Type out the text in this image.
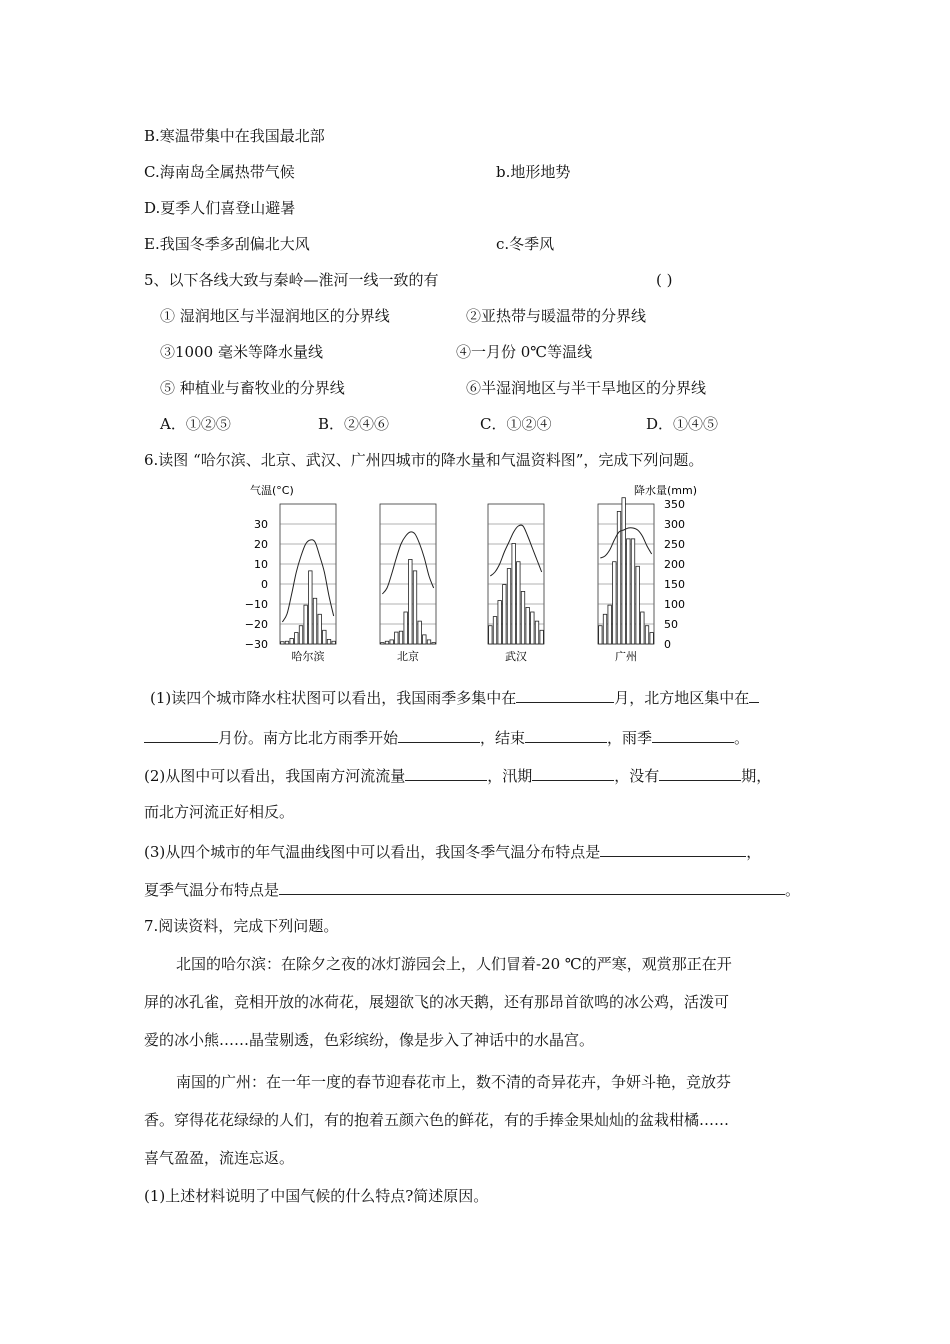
B.寒温带集中在我国最北部
C.海南岛全属热带气候	b.地形地势
D.夏季人们喜登山避暑
E.我国冬季多刮偏北大风	c.冬季风
5、以下各线大致与秦岭—淮河一线一致的有	( )
① 湿润地区与半湿润地区的分界线	②亚热带与暖温带的分界线
③1000 毫米等降水量线	④一月份 0℃等温线
⑤ 种植业与畜牧业的分界线	⑥半湿润地区与半干旱地区的分界线
A．①②⑤	B．②④⑥	C．①②④	D．①④⑤
6.读图 “哈尔滨、北京、武汉、广州四城市的降水量和气温资料图”，完成下列问题。
气温(°C)	降水量(mm)
30
20
10
0
−10
−20
−30
350
300
250
200
150
100
50
0
哈尔滨	北京	武汉	广州
(1)读四个城市降水柱状图可以看出，我国雨季多集中在	月，北方地区集中在
月份。南方比北方雨季开始	，结束	，雨季	。
(2)从图中可以看出，我国南方河流流量	，汛期	，没有	期，
而北方河流正好相反。
(3)从四个城市的年气温曲线图中可以看出，我国冬季气温分布特点是	，
夏季气温分布特点是	。
7.阅读资料，完成下列问题。
北国的哈尔滨：在除夕之夜的冰灯游园会上，人们冒着-20 ℃的严寒，观赏那正在开
屏的冰孔雀，竞相开放的冰荷花，展翅欲飞的冰天鹅，还有那昂首欲鸣的冰公鸡，活泼可
爱的冰小熊……晶莹剔透，色彩缤纷，像是步入了神话中的水晶宫。
南国的广州：在一年一度的春节迎春花市上，数不清的奇异花卉，争妍斗艳，竞放芬
香。穿得花花绿绿的人们，有的抱着五颜六色的鲜花，有的手捧金果灿灿的盆栽柑橘……
喜气盈盈，流连忘返。
(1)上述材料说明了中国气候的什么特点?简述原因。
